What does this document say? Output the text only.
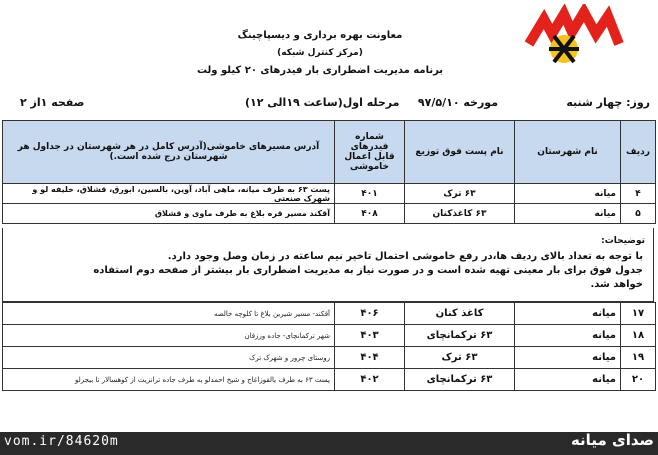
معاونت بهره برداری و دیسپاچینگ
(مرکز کنترل شبکه)
برنامه مدیریت اضطراری بار فیدرهای ۲۰ کیلو ولت
روز: چهار شنبه
مورخه ۹۷/۵/۱۰
مرحله اول(ساعت ۱۹الی ۱۲)
صفحه ۱از ۲
ردیف	نام شهرستان	نام پست فوق توزیع	شماره فیدرهای قابل اعمال خاموشی	آدرس مسیرهای خاموشی(آدرس کامل در هر شهرستان در جداول هر شهرستان درج شده است.)
۴	میانه	۶۳ ترک	۴۰۱	پست ۶۳ به طرف میانه، ماهی آباد، آوین، بالسین، ابورق، قشلاق، خلیفه لو و شهرک صنعتی
۵	میانه	۶۳ کاغذکنان	۴۰۸	آقکند مسیر قره بلاغ به طرف ماوی و قشلاق
توضیحات:
با توجه به تعداد بالای ردیف ها،در رفع خاموشی احتمال تاخیر نیم ساعته در زمان وصل وجود دارد.
جدول فوق برای بار معینی تهیه شده است و در صورت نیاز به مدیریت اضطراری بار بیشتر از صفحه دوم استفاده
خواهد شد.
۱۷	میانه	کاغذ کنان	۴۰۶	آقکند- مسیر شیرین بلاغ تا کلوچه خالصه
۱۸	میانه	۶۳ ترکمانچای	۴۰۳	شهر ترکمانچای- جاده ورزقان
۱۹	میانه	۶۳ ترک	۴۰۴	روستای چرور و شهرک ترک
۲۰	میانه	۶۳ ترکمانچای	۴۰۲	پست ۶۳ به طرف یالقوزاغاج و شیخ احمدلو به طرف جاده ترانزیت از کوهسالار تا بیجرلو
vom.ir/84620m	صدای میانه
